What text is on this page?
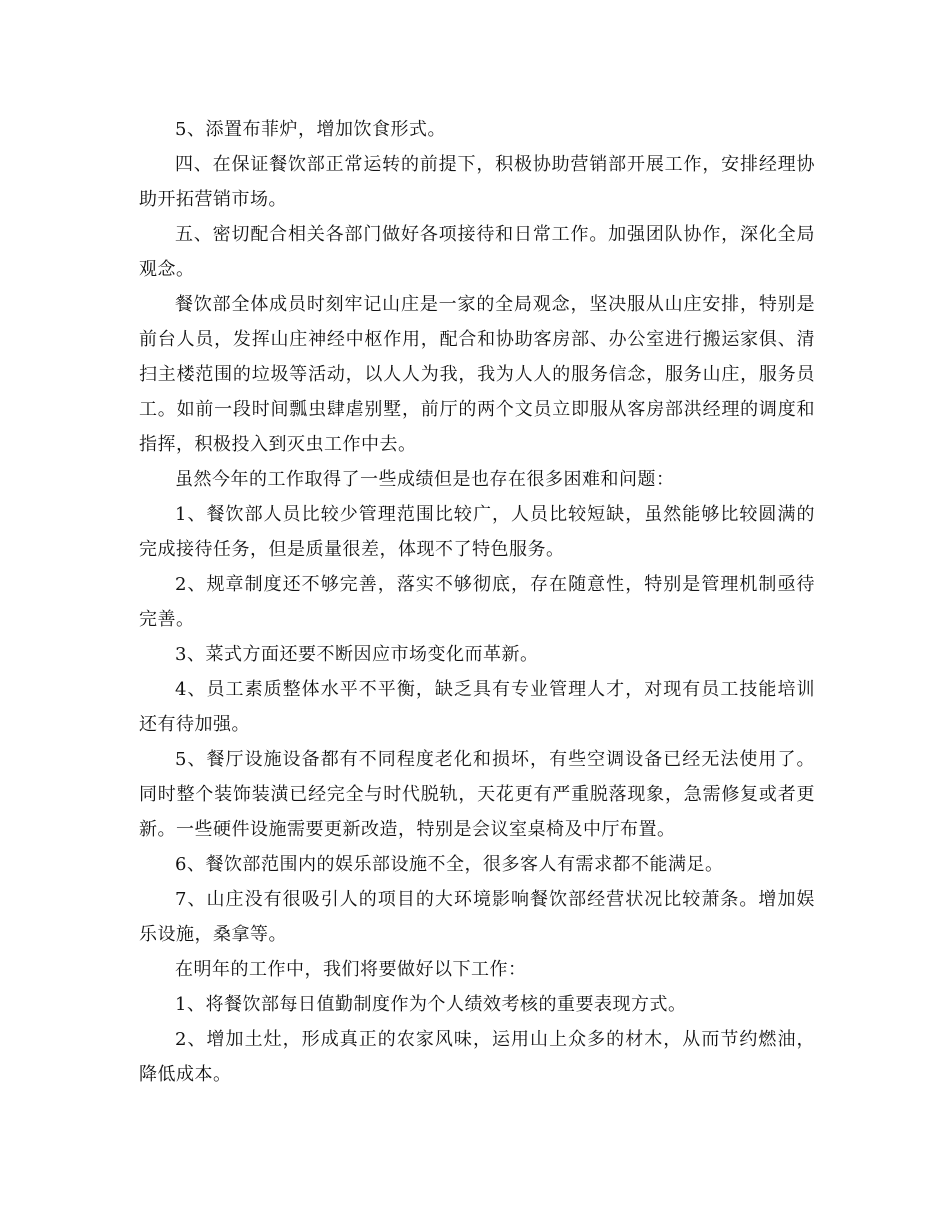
5、添置布菲炉，增加饮食形式。

四、在保证餐饮部正常运转的前提下，积极协助营销部开展工作，安排经理协助开拓营销市场。

五、密切配合相关各部门做好各项接待和日常工作。加强团队协作，深化全局观念。

餐饮部全体成员时刻牢记山庄是一家的全局观念，坚决服从山庄安排，特别是前台人员，发挥山庄神经中枢作用，配合和协助客房部、办公室进行搬运家俱、清扫主楼范围的垃圾等活动，以人人为我，我为人人的服务信念，服务山庄，服务员工。如前一段时间瓢虫肆虐别墅，前厅的两个文员立即服从客房部洪经理的调度和指挥，积极投入到灭虫工作中去。

虽然今年的工作取得了一些成绩但是也存在很多困难和问题：

1、餐饮部人员比较少管理范围比较广，人员比较短缺，虽然能够比较圆满的完成接待任务，但是质量很差，体现不了特色服务。

2、规章制度还不够完善，落实不够彻底，存在随意性，特别是管理机制亟待完善。

3、菜式方面还要不断因应市场变化而革新。

4、员工素质整体水平不平衡，缺乏具有专业管理人才，对现有员工技能培训还有待加强。

5、餐厅设施设备都有不同程度老化和损坏，有些空调设备已经无法使用了。同时整个装饰装潢已经完全与时代脱轨，天花更有严重脱落现象，急需修复或者更新。一些硬件设施需要更新改造，特别是会议室桌椅及中厅布置。

6、餐饮部范围内的娱乐部设施不全，很多客人有需求都不能满足。

7、山庄没有很吸引人的项目的大环境影响餐饮部经营状况比较萧条。增加娱乐设施，桑拿等。

在明年的工作中，我们将要做好以下工作：

1、将餐饮部每日值勤制度作为个人绩效考核的重要表现方式。

2、增加土灶，形成真正的农家风味，运用山上众多的材木，从而节约燃油，降低成本。
